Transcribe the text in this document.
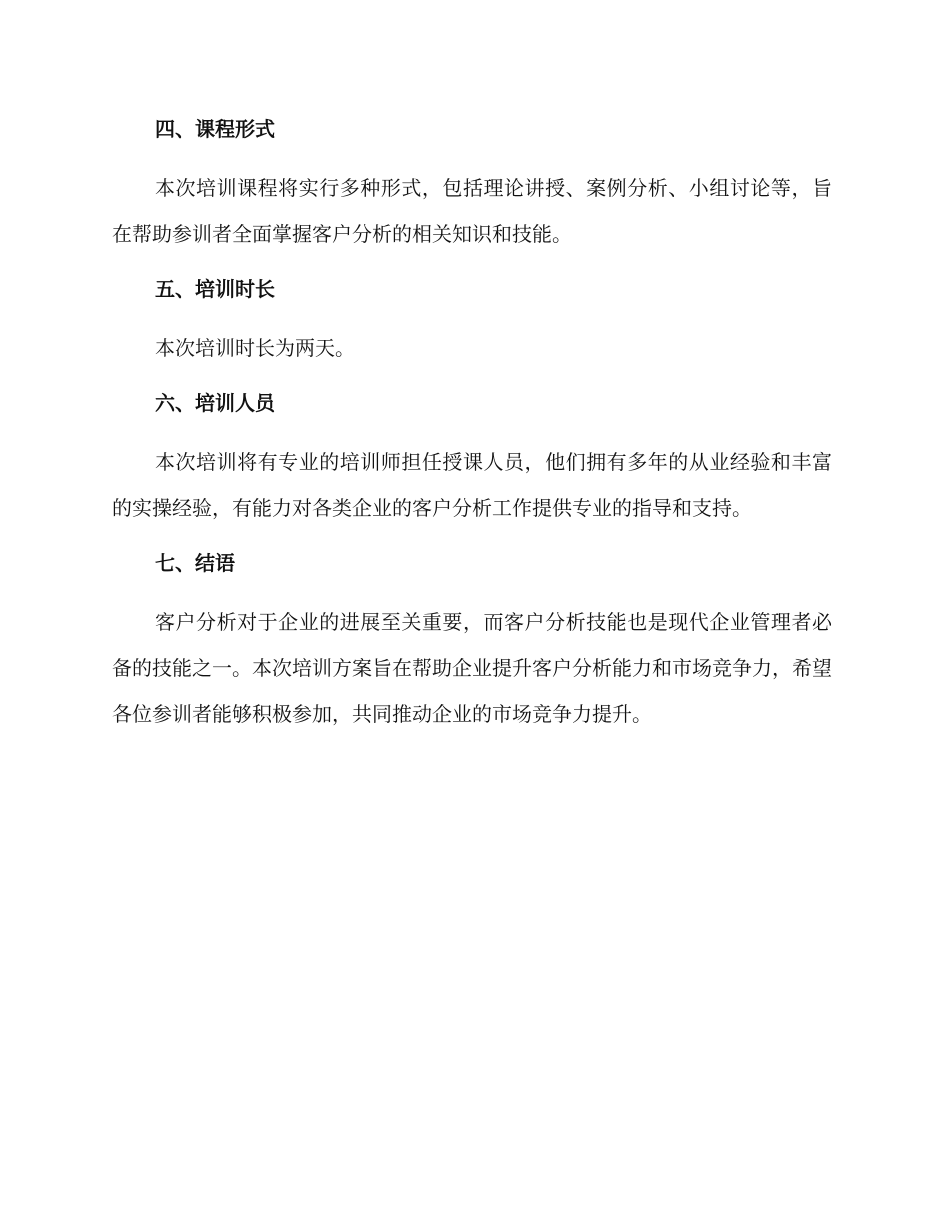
四、课程形式

本次培训课程将实行多种形式，包括理论讲授、案例分析、小组讨论等，旨在帮助参训者全面掌握客户分析的相关知识和技能。

五、培训时长

本次培训时长为两天。

六、培训人员

本次培训将有专业的培训师担任授课人员，他们拥有多年的从业经验和丰富的实操经验，有能力对各类企业的客户分析工作提供专业的指导和支持。

七、结语

客户分析对于企业的进展至关重要，而客户分析技能也是现代企业管理者必备的技能之一。本次培训方案旨在帮助企业提升客户分析能力和市场竞争力，希望各位参训者能够积极参加，共同推动企业的市场竞争力提升。
